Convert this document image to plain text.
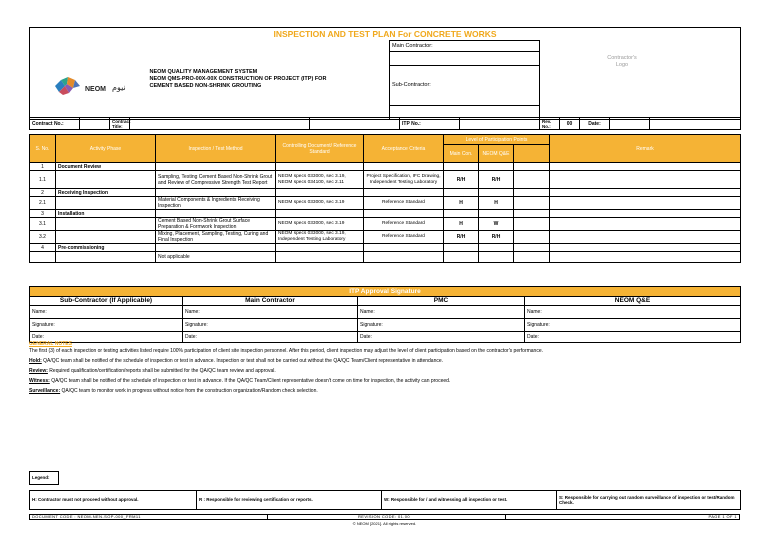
INSPECTION AND TEST PLAN For CONCRETE WORKS

NEOM نيوم

NEOM QUALITY MANAGEMENT SYSTEM
NEOM QMS-PRO-00X-00X CONSTRUCTION OF PROJECT (ITP) FOR
CEMENT BASED NON-SHRINK GROUTING

Main Contractor:
Sub-Contractor:

Contractor's Logo
Contract No.:		Contract Title:			ITP No.:		Rev. No.:	00	Date:		
S. No.	Activity Phase	Inspection / Test Method	Controlling Document/ Reference Standard	Acceptance Criteria	Level of Participation Points			Remark
					Main Con.	NEOM Q&E		
1	Document Review							
1.1		Sampling, Testing Cement Based Non-Shrink Grout and Review of Compressive Strength Test Report	NEOM specs 033000, sec 3.19, NEOM specs 034100, sec 2.11	Project Specification, IFC Drawing, Independent Testing Laboratory	R/H	R/H		
2	Receiving Inspection							
2.1		Material Components & Ingredients Receiving Inspection	NEOM specs 033000, sec 3.19	Reference Standard	H	H		
3	Installation							
3.1		Cement Based Non-Shrink Grout Surface Preparation & Formwork Inspection	NEOM specs 033000, sec 3.19	Reference Standard	H	W		
3.2		Mixing, Placement, Sampling, Testing, Curing and Final Inspection	NEOM specs 033000, sec 3.19, Independent Testing Laboratory	Reference Standard	R/H	R/H		
4	Pre-commissioning							
		Not applicable						
ITP Approval Signature			
Sub-Contractor (If Applicable)	Main Contractor	PMC	NEOM Q&E
Name:	Name:	Name:	Name:
Signature:	Signature:	Signature:	Signature:
Date:	Date:	Date:	Date:
GENERAL NOTES
The first (3) of each inspection or testing activities listed require 100% participation of client site inspection personnel. After this period, client inspection may adjust the level of client participation based on the contractor's performance.
Hold: QA/QC team shall be notified of the schedule of inspection or test in advance. Inspection or test shall not be carried out without the QA/QC Team/Client representative in attendance.
Review: Required qualification/certification/reports shall be submitted for the QA/QC team review and approval.
Witness: QA/QC team shall be notified of the schedule of inspection or test in advance. If the QA/QC Team/Client representative doesn't come on time for inspection, the activity can proceed.
Surveillance: QA/QC team to monitor work in progress without notice from the construction organization/Random check selection.
Legend:				

H: Contractor must not proceed without approval.		R : Responsible for reviewing certification or reports.	W: Responsible for / and witnessing all inspection or test.	S: Responsible for carrying out random surveillance of inspection or test/Random Check.
DOCUMENT CODE : NEOM-NEN-SOP-000_FRM11	REVISION CODE: 01.00	PAGE 1 OF 1
© NEOM [2021]. All rights reserved.
